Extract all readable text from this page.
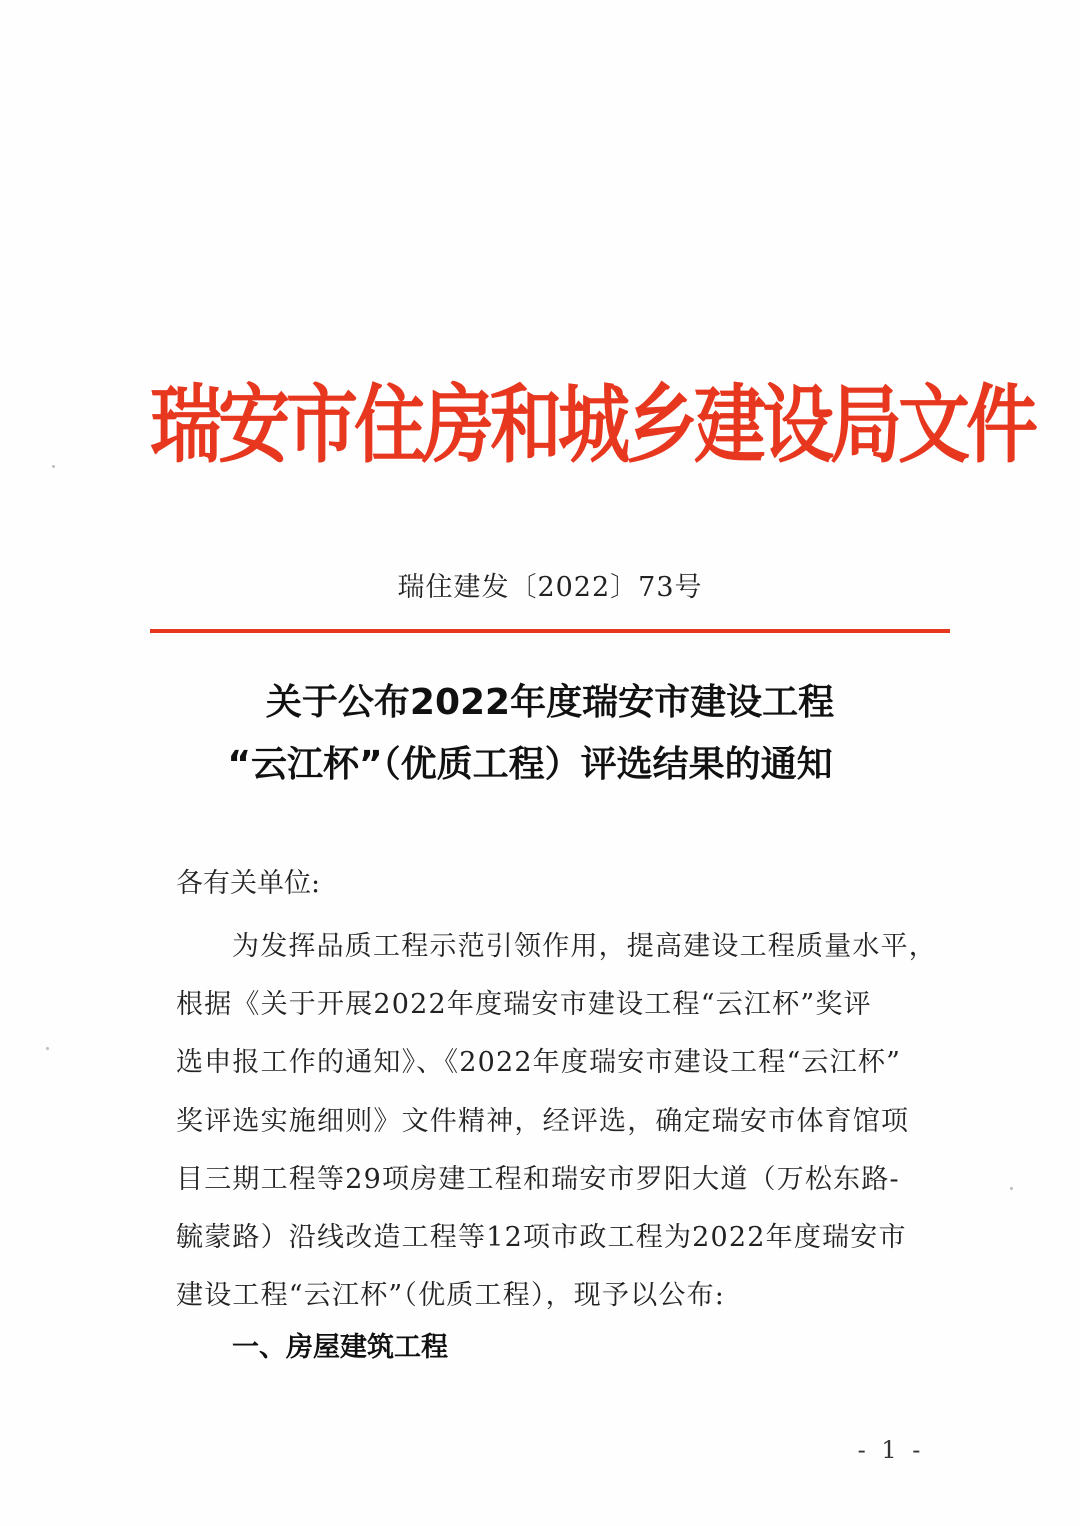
瑞安市住房和城乡建设局文件
瑞住建发〔2022〕73号
关于公布2022年度瑞安市建设工程
“云江杯”（优质工程）评选结果的通知
各有关单位:
为发挥品质工程示范引领作用，提高建设工程质量水平，
根据《关于开展2022年度瑞安市建设工程“云江杯”奖评
选申报工作的通知》、《2022年度瑞安市建设工程“云江杯”
奖评选实施细则》文件精神，经评选，确定瑞安市体育馆项
目三期工程等29项房建工程和瑞安市罗阳大道（万松东路-
毓蒙路）沿线改造工程等12项市政工程为2022年度瑞安市
建设工程“云江杯”（优质工程），现予以公布:
一、房屋建筑工程
- 1 -
